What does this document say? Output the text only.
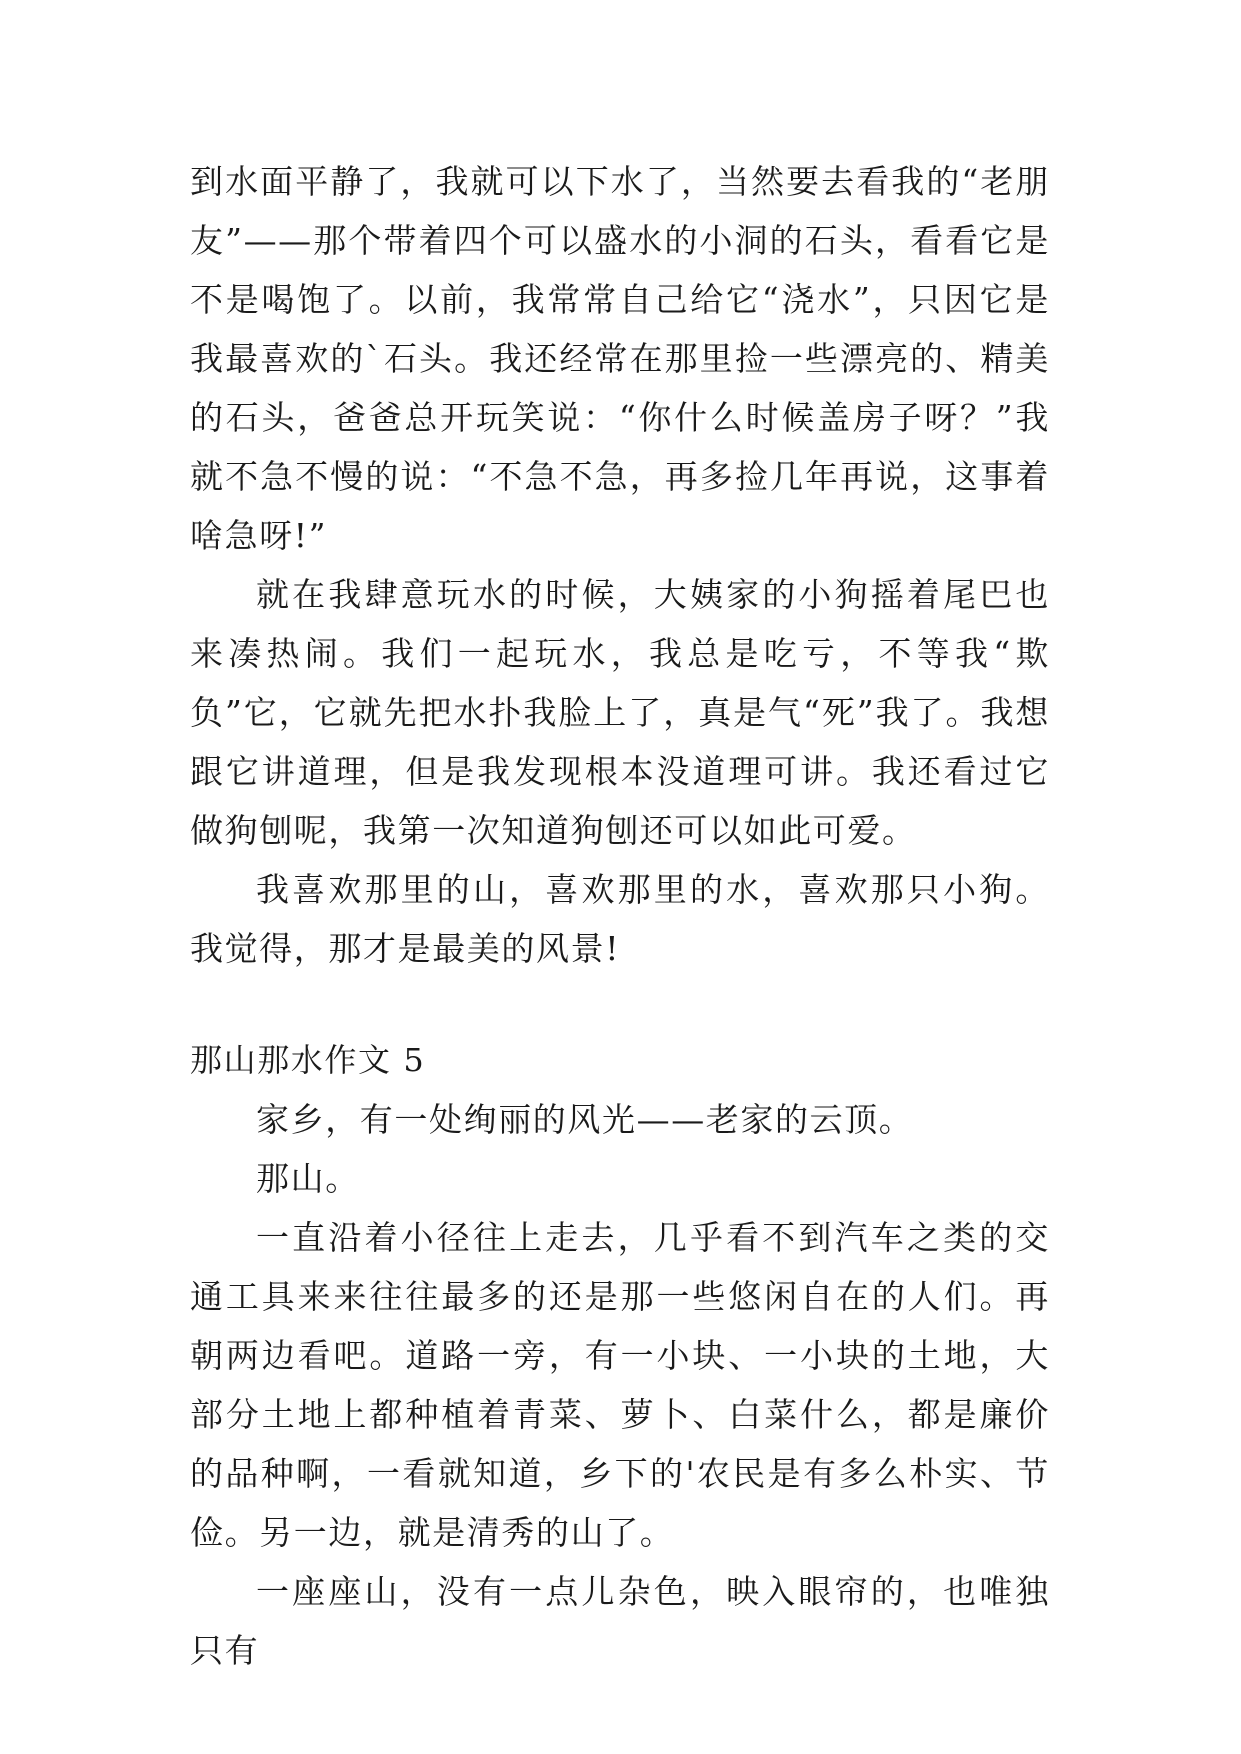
到水面平静了，我就可以下水了，当然要去看我的“老朋友”——那个带着四个可以盛水的小洞的石头，看看它是不是喝饱了。以前，我常常自己给它“浇水”，只因它是我最喜欢的`石头。我还经常在那里捡一些漂亮的、精美的石头，爸爸总开玩笑说：“你什么时候盖房子呀？”我就不急不慢的说：“不急不急，再多捡几年再说，这事着啥急呀!”

就在我肆意玩水的时候，大姨家的小狗摇着尾巴也来凑热闹。我们一起玩水，我总是吃亏，不等我“欺负”它，它就先把水扑我脸上了，真是气“死”我了。我想跟它讲道理，但是我发现根本没道理可讲。我还看过它做狗刨呢，我第一次知道狗刨还可以如此可爱。

我喜欢那里的山，喜欢那里的水，喜欢那只小狗。我觉得，那才是最美的风景!

那山那水作文 5

家乡，有一处绚丽的风光——老家的云顶。

那山。

一直沿着小径往上走去，几乎看不到汽车之类的交通工具来来往往最多的还是那一些悠闲自在的人们。再朝两边看吧。道路一旁，有一小块、一小块的土地，大部分土地上都种植着青菜、萝卜、白菜什么，都是廉价的品种啊，一看就知道，乡下的'农民是有多么朴实、节俭。另一边，就是清秀的山了。

一座座山，没有一点儿杂色，映入眼帘的，也唯独只有
